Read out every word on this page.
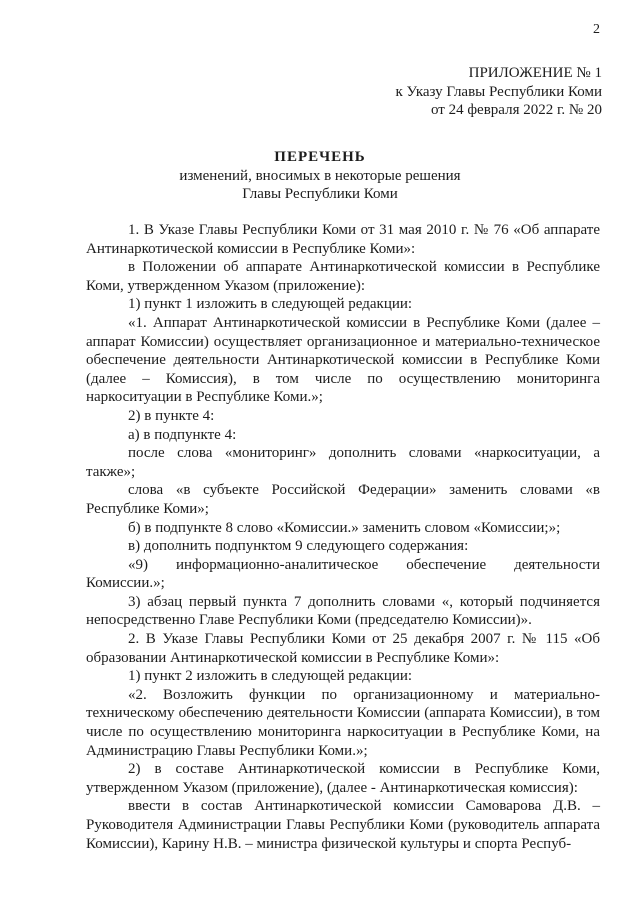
2
ПРИЛОЖЕНИЕ № 1
к Указу Главы Республики Коми
от 24 февраля 2022 г. № 20
ПЕРЕЧЕНЬ
изменений, вносимых в некоторые решения
Главы Республики Коми

1. В Указе Главы Республики Коми от 31 мая 2010 г. № 76 «Об аппарате Антинаркотической комиссии в Республике Коми»:

в Положении об аппарате Антинаркотической комиссии в Республике Коми, утвержденном Указом (приложение):

1) пункт 1 изложить в следующей редакции:

«1. Аппарат Антинаркотической комиссии в Республике Коми (далее – аппарат Комиссии) осуществляет организационное и материально-техническое обеспечение деятельности Антинаркотической комиссии в Республике Коми (далее – Комиссия), в том числе по осуществлению мониторинга наркоситуации в Республике Коми.»;

2) в пункте 4:

а) в подпункте 4:

после слова «мониторинг» дополнить словами «наркоситуации, а также»;

слова «в субъекте Российской Федерации» заменить словами «в Республике Коми»;

б) в подпункте 8 слово «Комиссии.» заменить словом «Комиссии;»;

в) дополнить подпунктом 9 следующего содержания:

«9) информационно-аналитическое обеспечение деятельности Комиссии.»;

3) абзац первый пункта 7 дополнить словами «, который подчиняется непосредственно Главе Республики Коми (председателю Комиссии)».

2. В Указе Главы Республики Коми от 25 декабря 2007 г. № 115 «Об образовании Антинаркотической комиссии в Республике Коми»:

1) пункт 2 изложить в следующей редакции:

«2. Возложить функции по организационному и материально-техническому обеспечению деятельности Комиссии (аппарата Комиссии), в том числе по осуществлению мониторинга наркоситуации в Республике Коми, на Администрацию Главы Республики Коми.»;

2) в составе Антинаркотической комиссии в Республике Коми, утвержденном Указом (приложение), (далее - Антинаркотическая комиссия):

ввести в состав Антинаркотической комиссии Самоварова Д.В. – Руководителя Администрации Главы Республики Коми (руководитель аппарата Комиссии), Карину Н.В. – министра физической культуры и спорта Респуб-
